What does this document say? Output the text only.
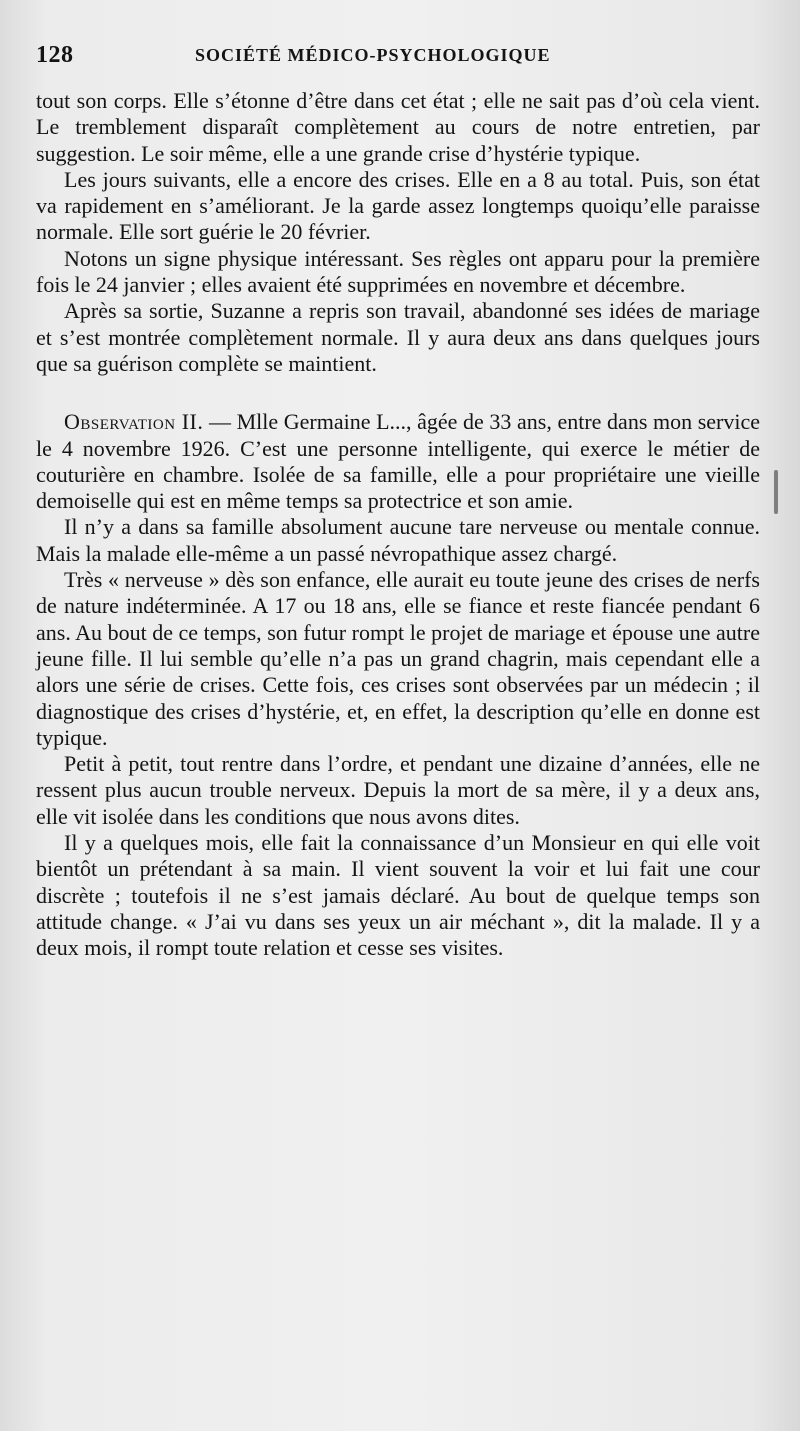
128	SOCIÉTÉ MÉDICO-PSYCHOLOGIQUE

tout son corps. Elle s’étonne d’être dans cet état ; elle ne sait pas d’où cela vient. Le tremblement disparaît complètement au cours de notre entretien, par suggestion. Le soir même, elle a une grande crise d’hystérie typique.

Les jours suivants, elle a encore des crises. Elle en a 8 au total. Puis, son état va rapidement en s’améliorant. Je la garde assez longtemps quoiqu’elle paraisse normale. Elle sort guérie le 20 février.

Notons un signe physique intéressant. Ses règles ont apparu pour la première fois le 24 janvier ; elles avaient été supprimées en novembre et décembre.

Après sa sortie, Suzanne a repris son travail, abandonné ses idées de mariage et s’est montrée complètement normale. Il y aura deux ans dans quelques jours que sa guérison complète se maintient.

Observation II. — Mlle Germaine L..., âgée de 33 ans, entre dans mon service le 4 novembre 1926. C’est une personne intelligente, qui exerce le métier de couturière en chambre. Isolée de sa famille, elle a pour propriétaire une vieille demoiselle qui est en même temps sa protectrice et son amie.

Il n’y a dans sa famille absolument aucune tare nerveuse ou mentale connue. Mais la malade elle-même a un passé névropathique assez chargé.

Très « nerveuse » dès son enfance, elle aurait eu toute jeune des crises de nerfs de nature indéterminée. A 17 ou 18 ans, elle se fiance et reste fiancée pendant 6 ans. Au bout de ce temps, son futur rompt le projet de mariage et épouse une autre jeune fille. Il lui semble qu’elle n’a pas un grand chagrin, mais cependant elle a alors une série de crises. Cette fois, ces crises sont observées par un médecin ; il diagnostique des crises d’hystérie, et, en effet, la description qu’elle en donne est typique.

Petit à petit, tout rentre dans l’ordre, et pendant une dizaine d’années, elle ne ressent plus aucun trouble nerveux. Depuis la mort de sa mère, il y a deux ans, elle vit isolée dans les conditions que nous avons dites.

Il y a quelques mois, elle fait la connaissance d’un Monsieur en qui elle voit bientôt un prétendant à sa main. Il vient souvent la voir et lui fait une cour discrète ; toutefois il ne s’est jamais déclaré. Au bout de quelque temps son attitude change. « J’ai vu dans ses yeux un air méchant », dit la malade. Il y a deux mois, il rompt toute relation et cesse ses visites.
